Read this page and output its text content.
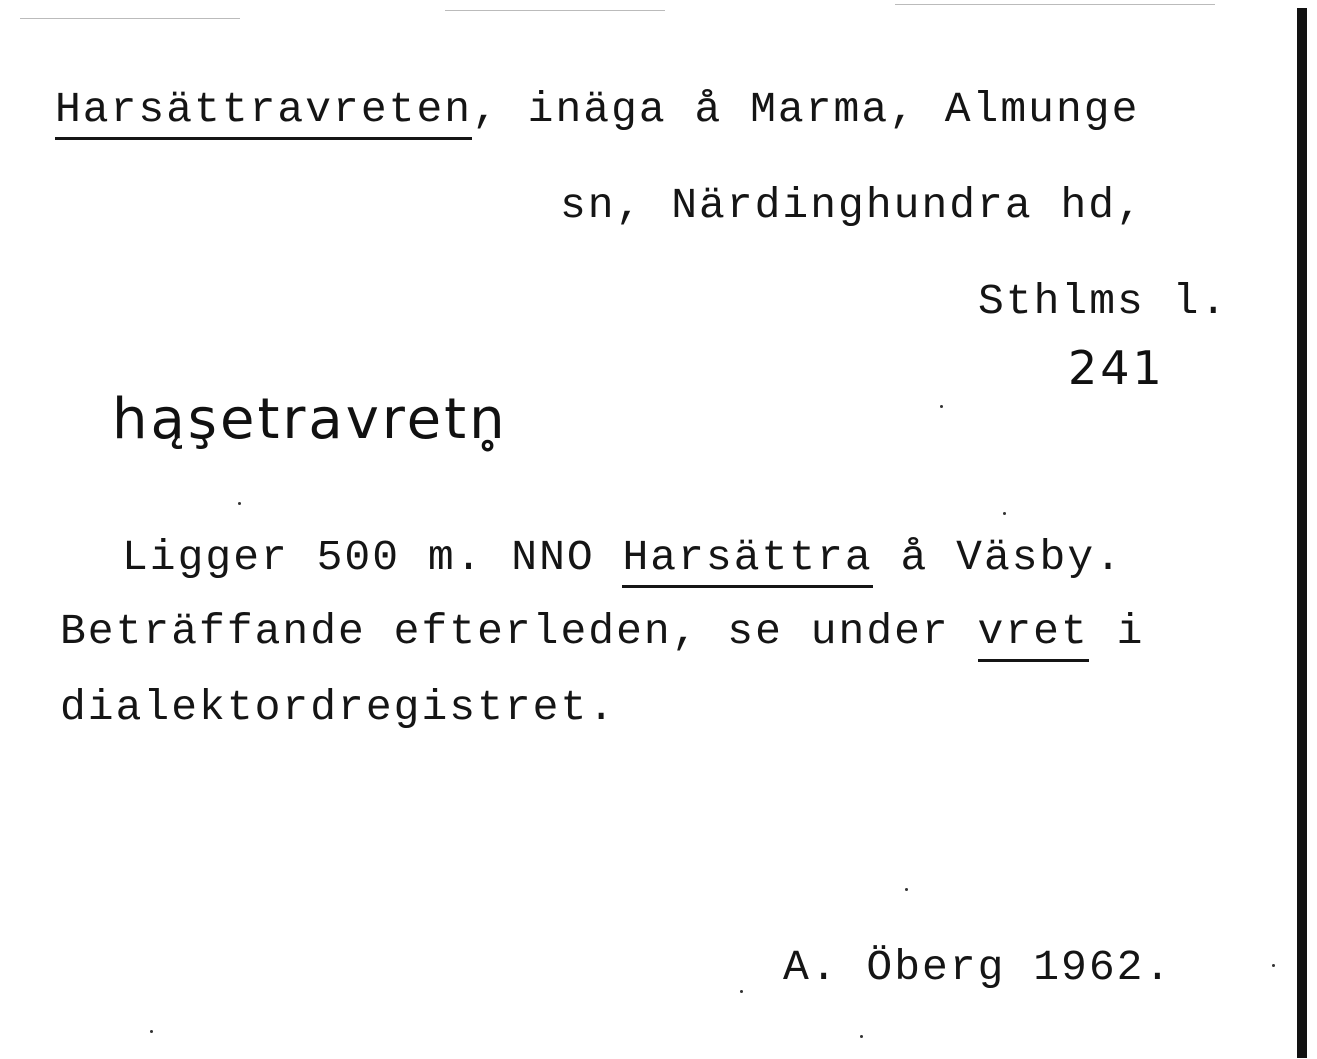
Harsättravreten, inäga å Marma, Almunge
sn, Närdinghundra hd,
Sthlms l.
241
hąşetravretn̥
Ligger 500 m. NNO Harsättra å Väsby.
Beträffande efterleden, se under vret i
dialektordregistret.
A. Öberg 1962.
